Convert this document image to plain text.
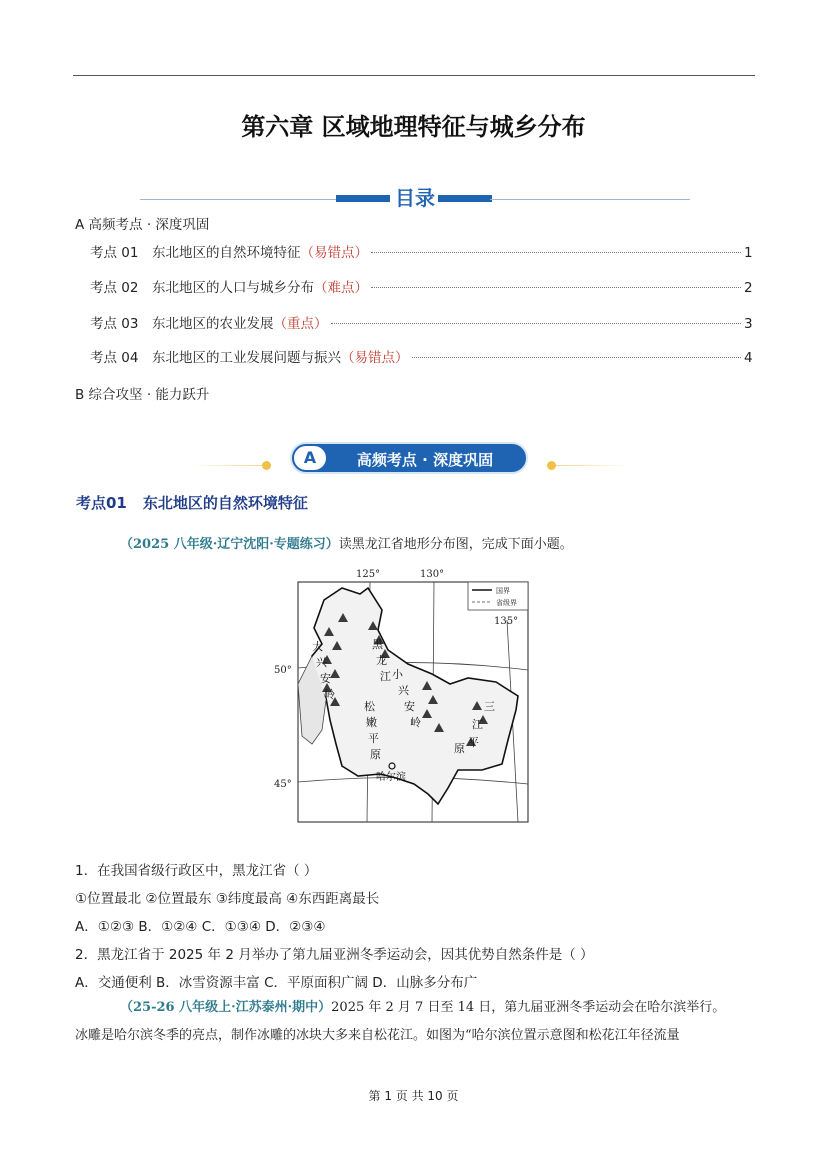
第六章 区域地理特征与城乡分布
目录
A 高频考点 · 深度巩固
考点 01	东北地区的自然环境特征 （易错点）	1
考点 02	东北地区的人口与城乡分布 （难点）	2
考点 03	东北地区的农业发展 （重点）	3
考点 04	东北地区的工业发展问题与振兴 （易错点）	4
B 综合攻坚 · 能力跃升
A	高频考点 · 深度巩固
考点01 东北地区的自然环境特征
（2025 八年级·辽宁沈阳·专题练习）读黑龙江省地形分布图，完成下面小题。
125°	130°
135°
50°
45°
国界
省级界
大
兴
安
岭
黑
龙
江 小
兴
安
岭
松
嫩
平
原
三
江
平
原
哈尔滨
1．在我国省级行政区中，黑龙江省（ ）
①位置最北 ②位置最东 ③纬度最高 ④东西距离最长
A．①②③ B．①②④ C．①③④ D．②③④
2．黑龙江省于 2025 年 2 月举办了第九届亚洲冬季运动会，因其优势自然条件是（ ）
A．交通便利 B．冰雪资源丰富 C．平原面积广阔 D．山脉多分布广
（25-26 八年级上·江苏泰州·期中）2025 年 2 月 7 日至 14 日，第九届亚洲冬季运动会在哈尔滨举行。
冰雕是哈尔滨冬季的亮点，制作冰雕的冰块大多来自松花江。如图为“哈尔滨位置示意图和松花江年径流量
第 1 页 共 10 页
